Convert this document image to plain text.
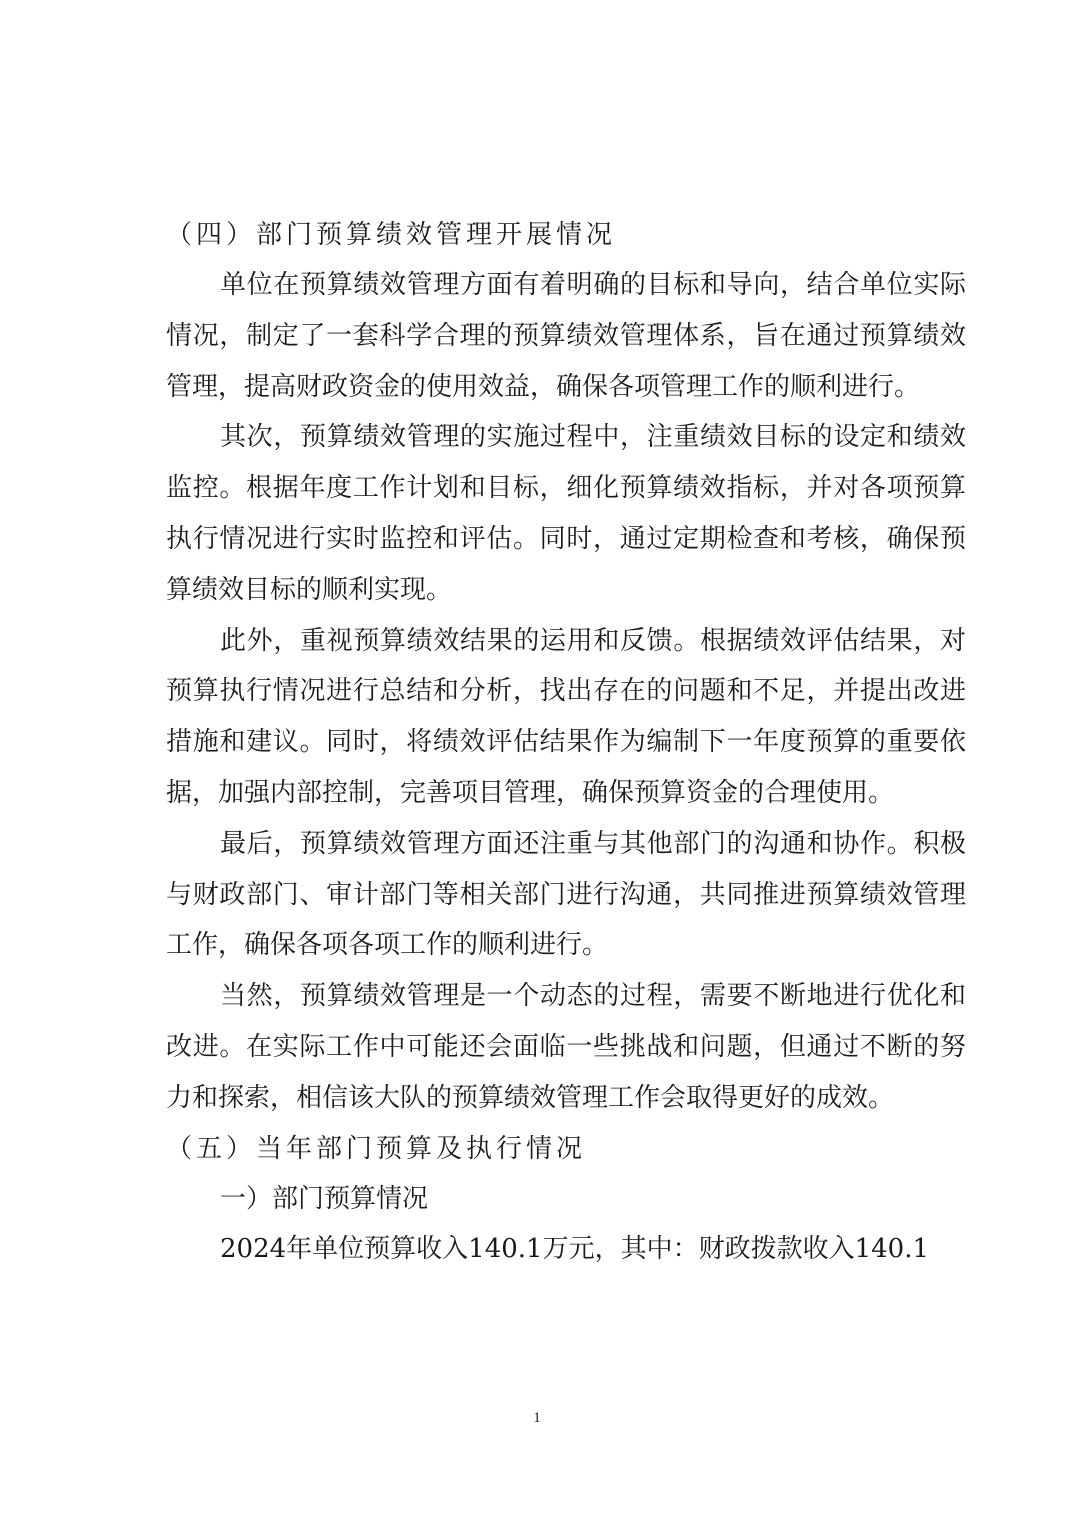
（四）部门预算绩效管理开展情况

单位在预算绩效管理方面有着明确的目标和导向，结合单位实际情况，制定了一套科学合理的预算绩效管理体系，旨在通过预算绩效管理，提高财政资金的使用效益，确保各项管理工作的顺利进行。

其次，预算绩效管理的实施过程中，注重绩效目标的设定和绩效监控。根据年度工作计划和目标，细化预算绩效指标，并对各项预算执行情况进行实时监控和评估。同时，通过定期检查和考核，确保预算绩效目标的顺利实现。

此外，重视预算绩效结果的运用和反馈。根据绩效评估结果，对预算执行情况进行总结和分析，找出存在的问题和不足，并提出改进措施和建议。同时，将绩效评估结果作为编制下一年度预算的重要依据，加强内部控制，完善项目管理，确保预算资金的合理使用。

最后，预算绩效管理方面还注重与其他部门的沟通和协作。积极与财政部门、审计部门等相关部门进行沟通，共同推进预算绩效管理工作，确保各项各项工作的顺利进行。

当然，预算绩效管理是一个动态的过程，需要不断地进行优化和改进。在实际工作中可能还会面临一些挑战和问题，但通过不断的努力和探索，相信该大队的预算绩效管理工作会取得更好的成效。

（五）当年部门预算及执行情况
一）部门预算情况

2024年单位预算收入140.1万元，其中：财政拨款收入140.1

1
